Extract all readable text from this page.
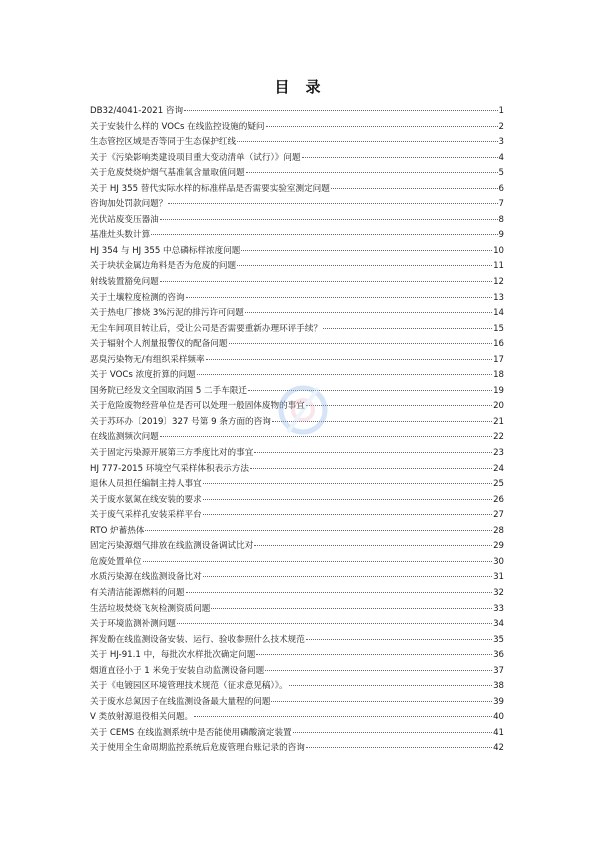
目 录
DB32/4041-2021 咨询	1
关于安装什么样的 VOCs 在线监控设施的疑问	2
生态管控区域是否等同于生态保护红线	3
关于《污染影响类建设项目重大变动清单（试行）》问题	4
关于危废焚烧炉烟气基准氧含量取值问题	5
关于 HJ 355 替代实际水样的标准样品是否需要实验室测定问题	6
咨询加处罚款问题？	7
光伏站废变压器油	8
基准灶头数计算	9
HJ 354 与 HJ 355 中总磷标样浓度问题	10
关于块状金属边角料是否为危废的问题	11
射线装置豁免问题	12
关于土壤粒度检测的咨询	13
关于热电厂掺烧 3%污泥的排污许可问题	14
无尘车间项目转让后，受让公司是否需要重新办理环评手续？	15
关于辐射个人剂量报警仪的配备问题	16
恶臭污染物无/有组织采样频率	17
关于 VOCs 浓度折算的问题	18
国务院已经发文全国取消国 5 二手车限迁	19
关于危险废物经营单位是否可以处理一般固体废物的事宜	20
关于苏环办〔2019〕327 号第 9 条方面的咨询	21
在线监测频次问题	22
关于固定污染源开展第三方季度比对的事宜	23
HJ 777-2015 环境空气采样体积表示方法	24
退休人员担任编制主持人事宜	25
关于废水氨氮在线安装的要求	26
关于废气采样孔安装采样平台	27
RTO 炉蓄热体	28
固定污染源烟气排放在线监测设备调试比对	29
危废处置单位	30
水质污染源在线监测设备比对	31
有关清洁能源燃料的问题	32
生活垃圾焚烧飞灰检测资质问题	33
关于环境监测补测问题	34
挥发酚在线监测设备安装、运行、验收参照什么技术规范	35
关于 HJ-91.1 中，每批次水样批次确定问题	36
烟道直径小于 1 米免于安装自动监测设备问题	37
关于《电镀园区环境管理技术规范（征求意见稿）》。	38
关于废水总氮因子在线监测设备最大量程的问题	39
V 类放射源退役相关问题。	40
关于 CEMS 在线监测系统中是否能使用磷酸滴定装置	41
关于使用全生命周期监控系统后危废管理台账记录的咨询	42
